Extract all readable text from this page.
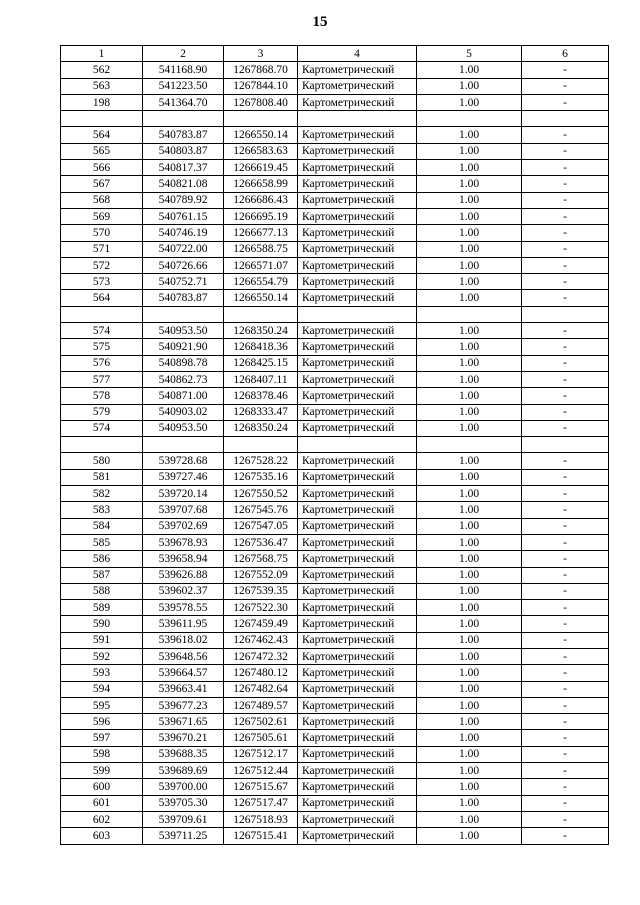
15
1	2	3	4	5	6
562	541168.90	1267868.70	Картометрический	1.00	-
563	541223.50	1267844.10	Картометрический	1.00	-
198	541364.70	1267808.40	Картометрический	1.00	-

564	540783.87	1266550.14	Картометрический	1.00	-
565	540803.87	1266583.63	Картометрический	1.00	-
566	540817.37	1266619.45	Картометрический	1.00	-
567	540821.08	1266658.99	Картометрический	1.00	-
568	540789.92	1266686.43	Картометрический	1.00	-
569	540761.15	1266695.19	Картометрический	1.00	-
570	540746.19	1266677.13	Картометрический	1.00	-
571	540722.00	1266588.75	Картометрический	1.00	-
572	540726.66	1266571.07	Картометрический	1.00	-
573	540752.71	1266554.79	Картометрический	1.00	-
564	540783.87	1266550.14	Картометрический	1.00	-

574	540953.50	1268350.24	Картометрический	1.00	-
575	540921.90	1268418.36	Картометрический	1.00	-
576	540898.78	1268425.15	Картометрический	1.00	-
577	540862.73	1268407.11	Картометрический	1.00	-
578	540871.00	1268378.46	Картометрический	1.00	-
579	540903.02	1268333.47	Картометрический	1.00	-
574	540953.50	1268350.24	Картометрический	1.00	-

580	539728.68	1267528.22	Картометрический	1.00	-
581	539727.46	1267535.16	Картометрический	1.00	-
582	539720.14	1267550.52	Картометрический	1.00	-
583	539707.68	1267545.76	Картометрический	1.00	-
584	539702.69	1267547.05	Картометрический	1.00	-
585	539678.93	1267536.47	Картометрический	1.00	-
586	539658.94	1267568.75	Картометрический	1.00	-
587	539626.88	1267552.09	Картометрический	1.00	-
588	539602.37	1267539.35	Картометрический	1.00	-
589	539578.55	1267522.30	Картометрический	1.00	-
590	539611.95	1267459.49	Картометрический	1.00	-
591	539618.02	1267462.43	Картометрический	1.00	-
592	539648.56	1267472.32	Картометрический	1.00	-
593	539664.57	1267480.12	Картометрический	1.00	-
594	539663.41	1267482.64	Картометрический	1.00	-
595	539677.23	1267489.57	Картометрический	1.00	-
596	539671.65	1267502.61	Картометрический	1.00	-
597	539670.21	1267505.61	Картометрический	1.00	-
598	539688.35	1267512.17	Картометрический	1.00	-
599	539689.69	1267512.44	Картометрический	1.00	-
600	539700.00	1267515.67	Картометрический	1.00	-
601	539705.30	1267517.47	Картометрический	1.00	-
602	539709.61	1267518.93	Картометрический	1.00	-
603	539711.25	1267515.41	Картометрический	1.00	-
